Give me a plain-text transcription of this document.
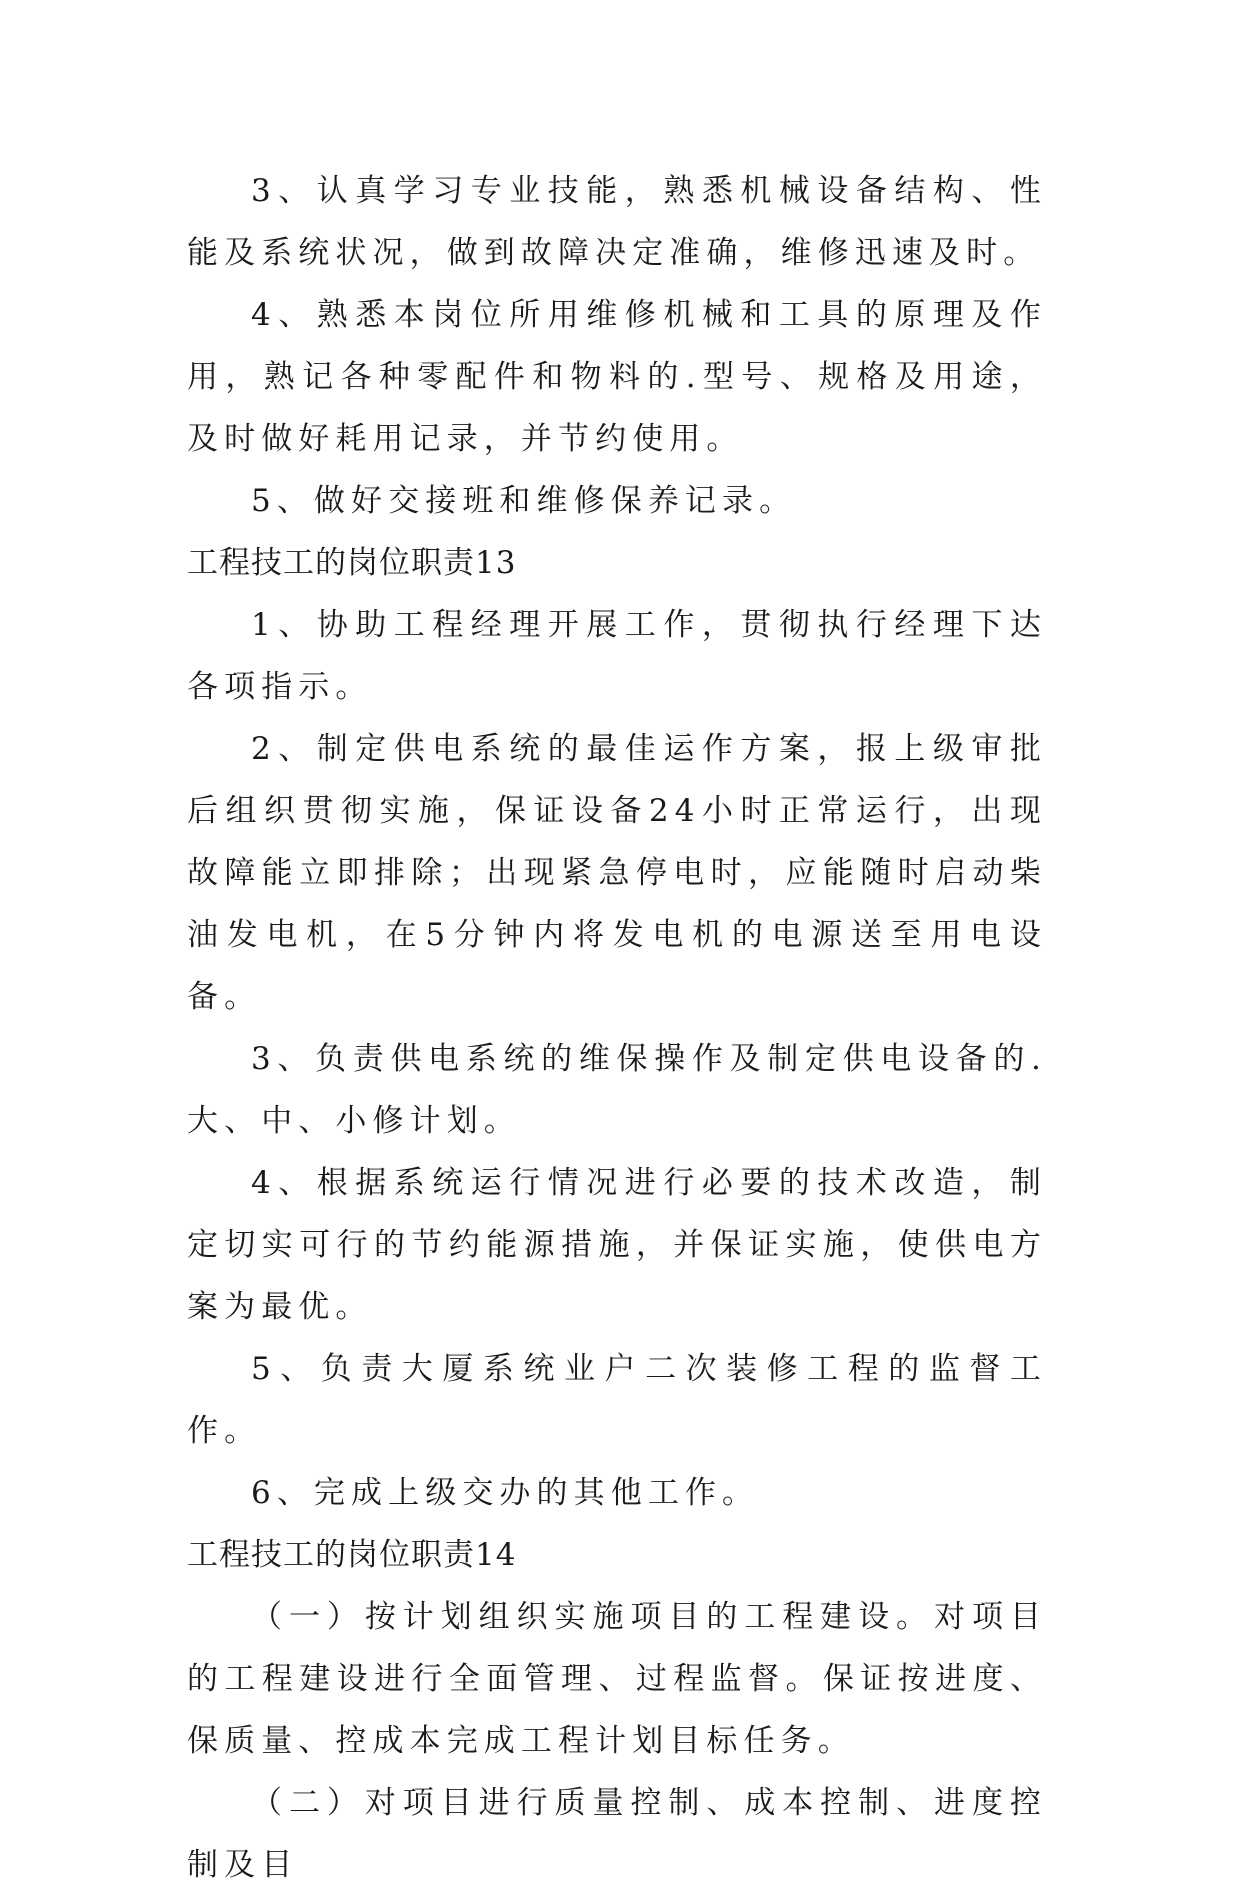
3、认真学习专业技能，熟悉机械设备结构、性能及系统状况，做到故障决定准确，维修迅速及时。

4、熟悉本岗位所用维修机械和工具的原理及作用，熟记各种零配件和物料的.型号、规格及用途，及时做好耗用记录，并节约使用。

5、做好交接班和维修保养记录。

工程技工的岗位职责13

1、协助工程经理开展工作，贯彻执行经理下达各项指示。

2、制定供电系统的最佳运作方案，报上级审批后组织贯彻实施，保证设备24小时正常运行，出现故障能立即排除；出现紧急停电时，应能随时启动柴油发电机，在5分钟内将发电机的电源送至用电设备。

3、负责供电系统的维保操作及制定供电设备的.大、中、小修计划。

4、根据系统运行情况进行必要的技术改造，制定切实可行的节约能源措施，并保证实施，使供电方案为最优。

5、负责大厦系统业户二次装修工程的监督工作。

6、完成上级交办的其他工作。

工程技工的岗位职责14

（一）按计划组织实施项目的工程建设。对项目的工程建设进行全面管理、过程监督。保证按进度、保质量、控成本完成工程计划目标任务。

（二）对项目进行质量控制、成本控制、进度控制及目
